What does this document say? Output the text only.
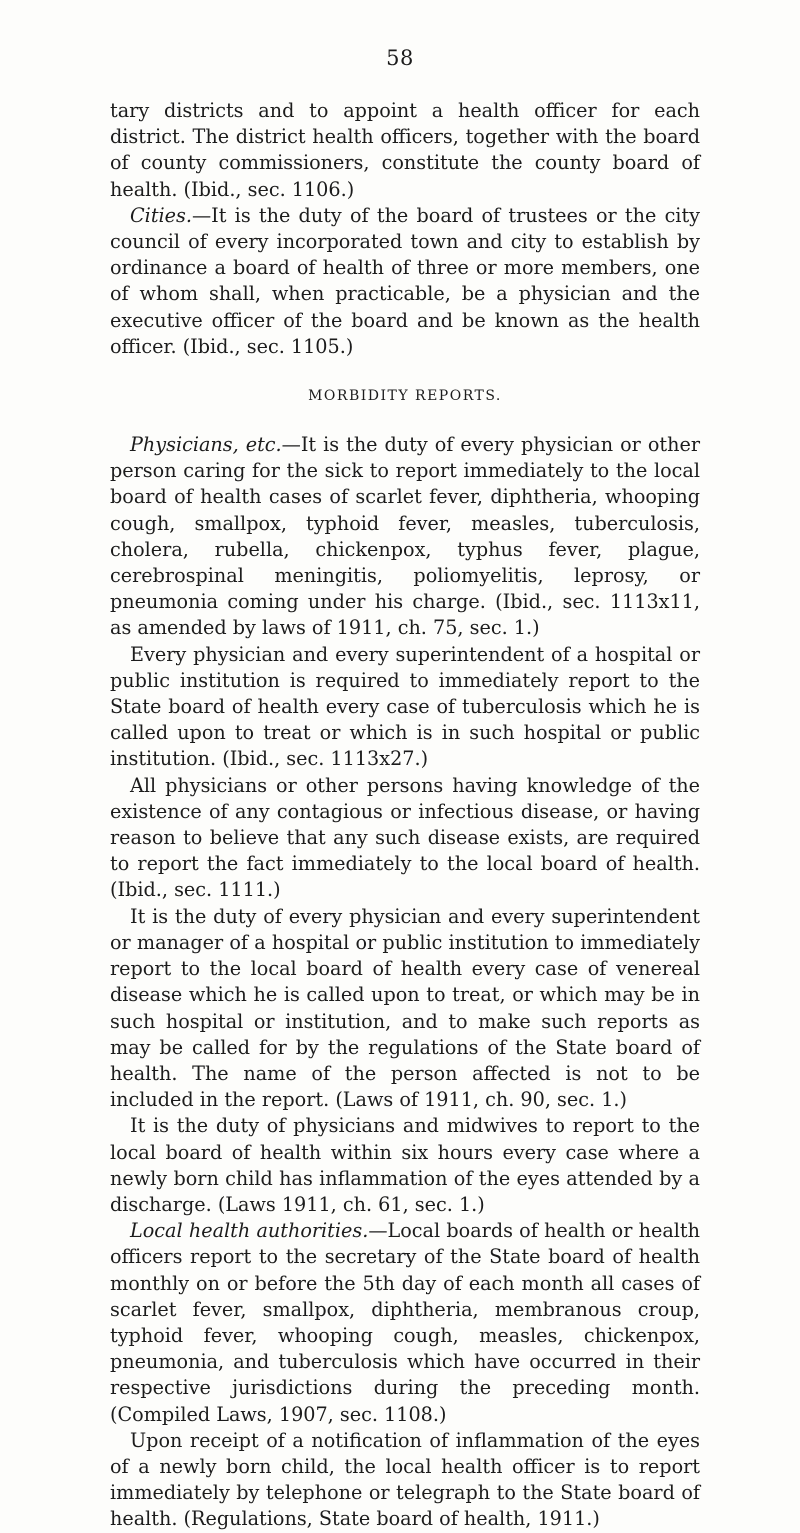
58

tary districts and to appoint a health officer for each district. The district health officers, together with the board of county commissioners, constitute the county board of health. (Ibid., sec. 1106.)

Cities.—It is the duty of the board of trustees or the city council of every incorporated town and city to establish by ordinance a board of health of three or more members, one of whom shall, when practicable, be a physician and the executive officer of the board and be known as the health officer. (Ibid., sec. 1105.)

MORBIDITY REPORTS.

Physicians, etc.—It is the duty of every physician or other person caring for the sick to report immediately to the local board of health cases of scarlet fever, diphtheria, whooping cough, smallpox, typhoid fever, measles, tuberculosis, cholera, rubella, chickenpox, typhus fever, plague, cerebrospinal meningitis, poliomyelitis, leprosy, or pneumonia coming under his charge. (Ibid., sec. 1113x11, as amended by laws of 1911, ch. 75, sec. 1.)

Every physician and every superintendent of a hospital or public institution is required to immediately report to the State board of health every case of tuberculosis which he is called upon to treat or which is in such hospital or public institution. (Ibid., sec. 1113x27.)

All physicians or other persons having knowledge of the existence of any contagious or infectious disease, or having reason to believe that any such disease exists, are required to report the fact immediately to the local board of health. (Ibid., sec. 1111.)

It is the duty of every physician and every superintendent or manager of a hospital or public institution to immediately report to the local board of health every case of venereal disease which he is called upon to treat, or which may be in such hospital or institution, and to make such reports as may be called for by the regulations of the State board of health. The name of the person affected is not to be included in the report. (Laws of 1911, ch. 90, sec. 1.)

It is the duty of physicians and midwives to report to the local board of health within six hours every case where a newly born child has inflammation of the eyes attended by a discharge. (Laws 1911, ch. 61, sec. 1.)

Local health authorities.—Local boards of health or health officers report to the secretary of the State board of health monthly on or before the 5th day of each month all cases of scarlet fever, smallpox, diphtheria, membranous croup, typhoid fever, whooping cough, measles, chickenpox, pneumonia, and tuberculosis which have occurred in their respective jurisdictions during the preceding month. (Compiled Laws, 1907, sec. 1108.)

Upon receipt of a notification of inflammation of the eyes of a newly born child, the local health officer is to report immediately by telephone or telegraph to the State board of health. (Regulations, State board of health, 1911.)
